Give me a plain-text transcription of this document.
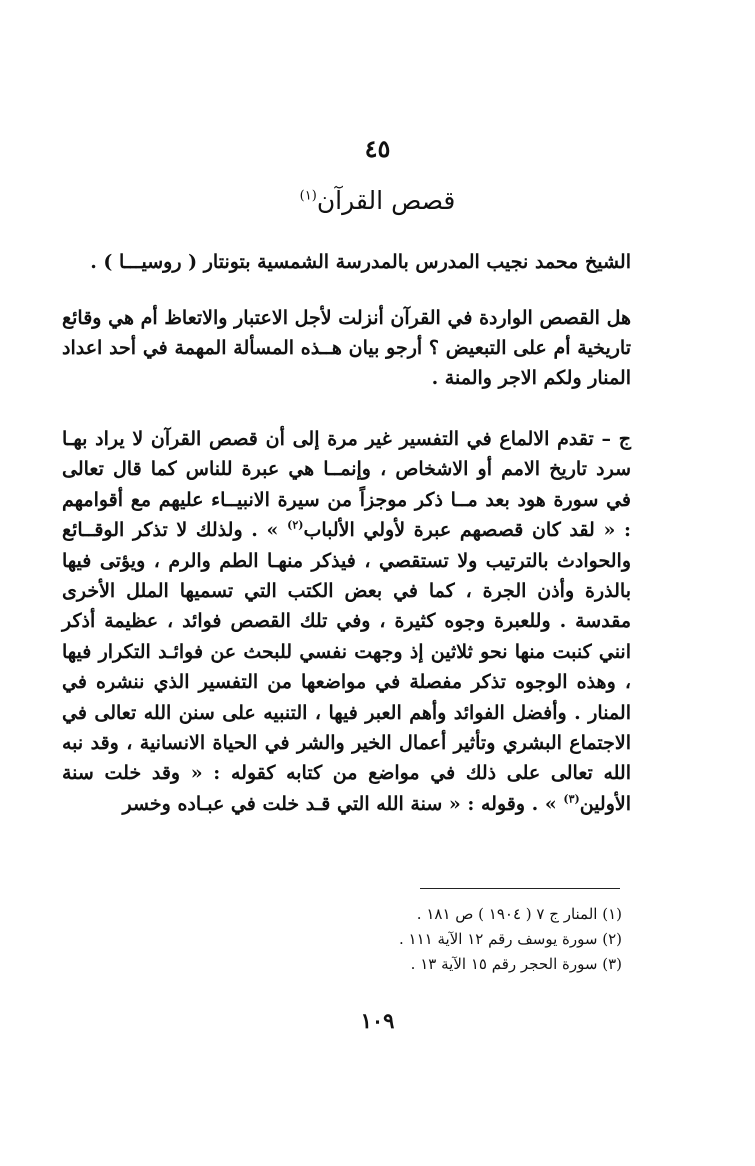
٤٥
قصص القرآن$^{(١)}$
الشيخ محمد نجيب المدرس بالمدرسة الشمسية بتونتار ( روسيـــا ) .
هل القصص الواردة في القرآن أنزلت لأجل الاعتبار والاتعاظ أم هي وقائع تاريخية أم على التبعيض ؟ أرجو بيان هــذه المسألة المهمة في أحد اعداد المنار ولكم الاجر والمنة .
ج – تقدم الالماع في التفسير غير مرة إلى أن قصص القرآن لا يراد بهـا سرد تاريخ الامم أو الاشخاص ، وإنمــا هي عبرة للناس كما قال تعالى في سورة هود بعد مــا ذكر موجزاً من سيرة الانبيــاء عليهم مع أقوامهم : « لقد كان قصصهم عبرة لأولي الألباب$^{(٢)}$ » . ولذلك لا تذكر الوقــائع والحوادث بالترتيب ولا تستقصي ، فيذكر منهـا الطم والرم ، ويؤتى فيها بالذرة وأذن الجرة ، كما في بعض الكتب التي تسميها الملل الأخرى مقدسة . وللعبرة وجوه كثيرة ، وفي تلك القصص فوائد ، عظيمة أذكر انني كنبت منها نحو ثلاثين إذ وجهت نفسي للبحث عن فوائـد التكرار فيها ، وهذه الوجوه تذكر مفصلة في مواضعها من التفسير الذي ننشره في المنار . وأفضل الفوائد وأهم العبر فيها ، التنبيه على سنن الله تعالى في الاجتماع البشري وتأثير أعمال الخير والشر في الحياة الانسانية ، وقد نبه الله تعالى على ذلك في مواضع من كتابه كقوله : « وقد خلت سنة الأولين$^{(٣)}$ » . وقوله : « سنة الله التي قـد خلت في عبـاده وخسر
(١) المنار ج ٧ ( ١٩٠٤ ) ص ١٨١ .
(٢) سورة يوسف رقم ١٢ الآية ١١١ .
(٣) سورة الحجر رقم ١٥ الآية ١٣ .
١٠٩
